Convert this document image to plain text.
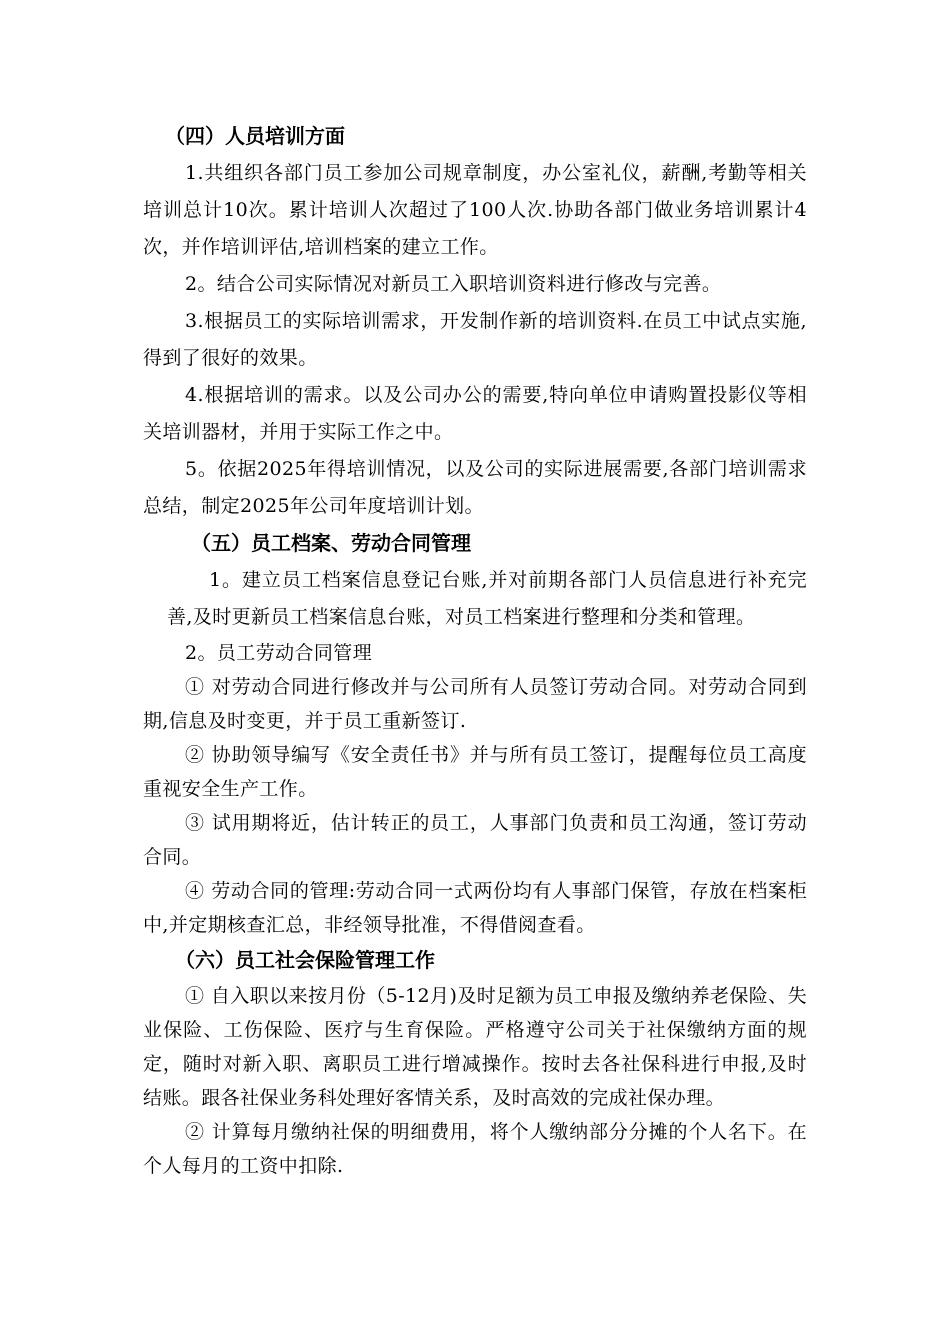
（四）人员培训方面

1.共组织各部门员工参加公司规章制度，办公室礼仪，薪酬,考勤等相关培训总计10次。累计培训人次超过了100人次.协助各部门做业务培训累计4次，并作培训评估,培训档案的建立工作。

2。结合公司实际情况对新员工入职培训资料进行修改与完善。

3.根据员工的实际培训需求，开发制作新的培训资料.在员工中试点实施,得到了很好的效果。

4.根据培训的需求。以及公司办公的需要,特向单位申请购置投影仪等相关培训器材，并用于实际工作之中。

5。依据2025年得培训情况，以及公司的实际进展需要,各部门培训需求总结，制定2025年公司年度培训计划。

（五）员工档案、劳动合同管理

1。建立员工档案信息登记台账,并对前期各部门人员信息进行补充完善,及时更新员工档案信息台账，对员工档案进行整理和分类和管理。

2。员工劳动合同管理

① 对劳动合同进行修改并与公司所有人员签订劳动合同。对劳动合同到期,信息及时变更，并于员工重新签订.

② 协助领导编写《安全责任书》并与所有员工签订，提醒每位员工高度重视安全生产工作。

③ 试用期将近，估计转正的员工，人事部门负责和员工沟通，签订劳动合同。

④ 劳动合同的管理:劳动合同一式两份均有人事部门保管，存放在档案柜中,并定期核查汇总，非经领导批准，不得借阅查看。

（六）员工社会保险管理工作

① 自入职以来按月份（5-12月)及时足额为员工申报及缴纳养老保险、失业保险、工伤保险、医疗与生育保险。严格遵守公司关于社保缴纳方面的规定，随时对新入职、离职员工进行增减操作。按时去各社保科进行申报,及时结账。跟各社保业务科处理好客情关系，及时高效的完成社保办理。

② 计算每月缴纳社保的明细费用，将个人缴纳部分分摊的个人名下。在个人每月的工资中扣除.
